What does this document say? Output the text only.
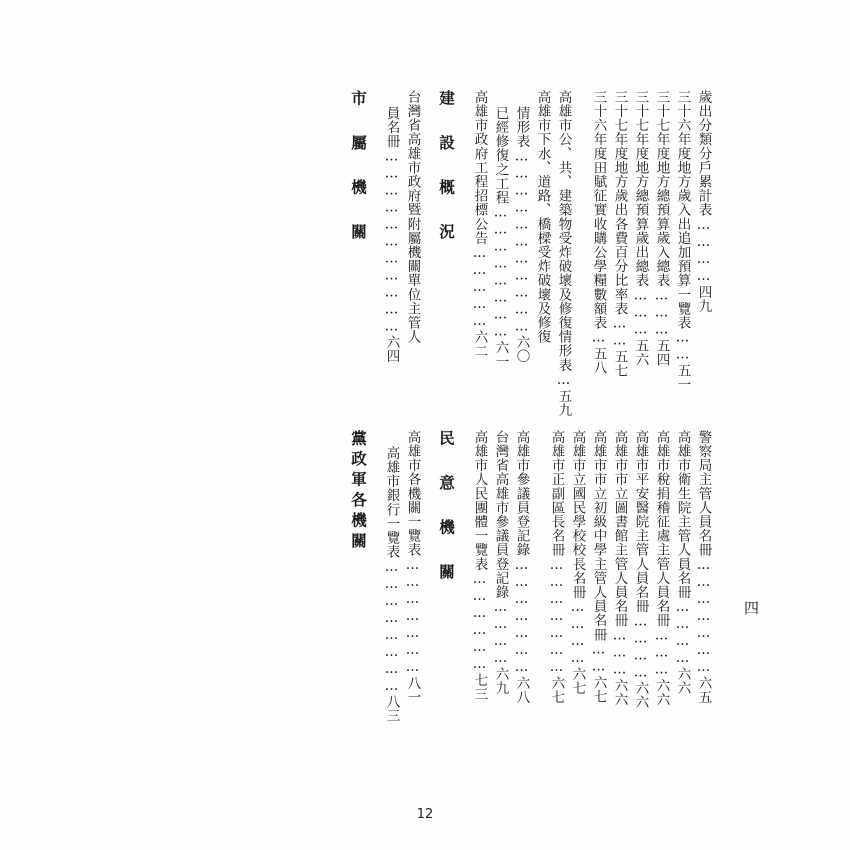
歲出分類分戶累計表…………四九
三十六年度地方歲入出追加預算一覽表……五一
三十七年度地方總預算歲入總表………五四
三十七年度地方總預算歲出總表………五六
三十七年度地方歲出各費百分比率表……五七
三十六年度田賦征實收購公學糧數額表…五八
高雄市公、共、建築物受炸破壞及修復情形表…五九
高雄市下水、道路、橋樑受炸破壞及修復
情形表……………………………六〇
已經修復之工程……………………六一
高雄市政府工程招標公告……………六二
建 設 概 況
台灣省高雄市政府暨附屬機關單位主管人
員名冊……………………………六四
市 屬 機 關
警察局主管人員名冊…………………六五
高雄市衛生院主管人員名冊…………六六
高雄市稅捐稽征處主管人員名冊………六六
高雄市平安醫院主管人員名冊…………六六
高雄市市立圖書館主管人員名冊………六六
高雄市市立初級中學主管人員名冊……六七
高雄市立國民學校校長名冊…………六七
高雄市正副區長名冊…………………六七
高雄市參議員登記錄…………………六八
台灣省高雄市參議員登記錄…………六九
高雄市人民團體一覽表………………七三
民 意 機 關
高雄市各機關一覽表…………………八一
高雄市銀行一覽表……………………八三
黨政軍各機關
四
12
